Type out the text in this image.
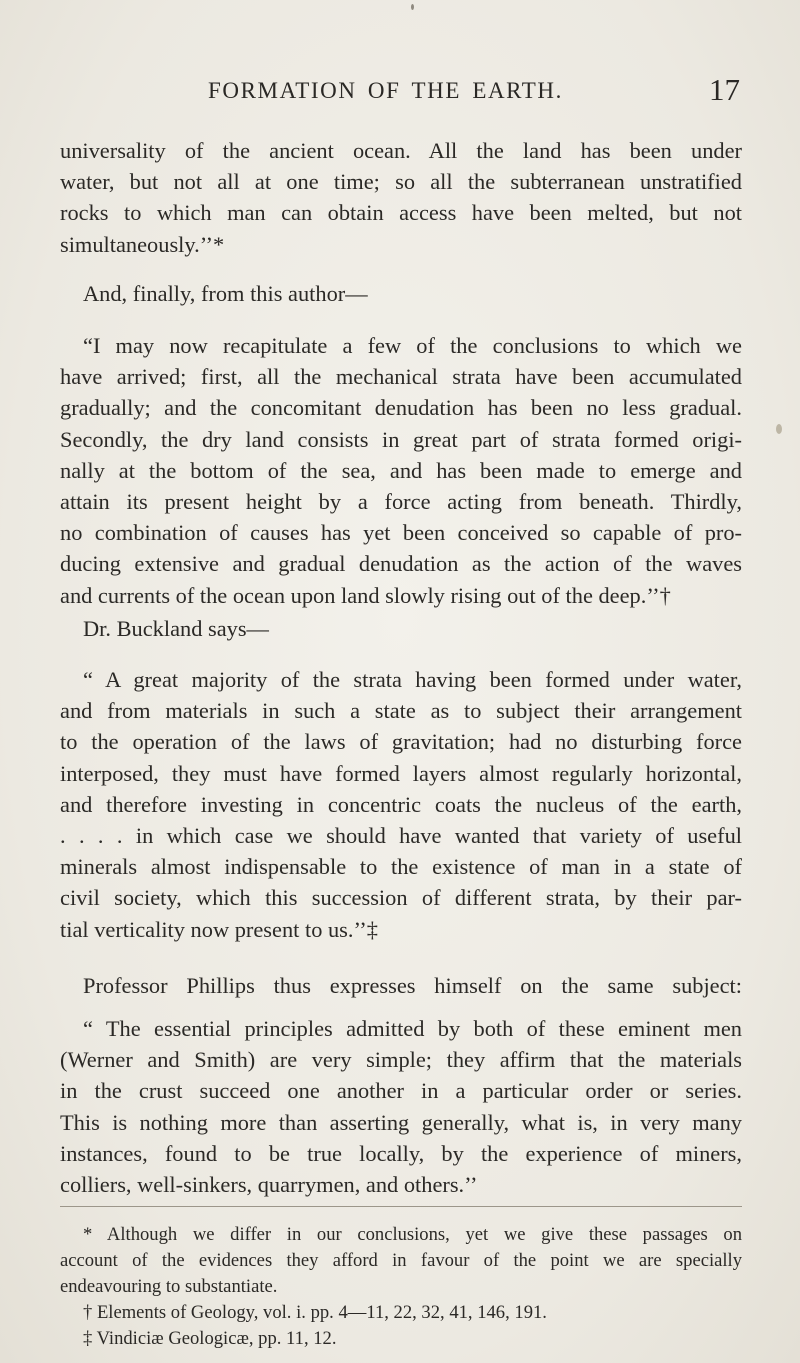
FORMATION OF THE EARTH.	17

universality of the ancient ocean. All the land has been under
water, but not all at one time; so all the subterranean unstratified
rocks to which man can obtain access have been melted, but not
simultaneously.’’*

And, finally, from this author—

“I may now recapitulate a few of the conclusions to which we
have arrived; first, all the mechanical strata have been accumulated
gradually; and the concomitant denudation has been no less gradual.
Secondly, the dry land consists in great part of strata formed origi-
nally at the bottom of the sea, and has been made to emerge and
attain its present height by a force acting from beneath. Thirdly,
no combination of causes has yet been conceived so capable of pro-
ducing extensive and gradual denudation as the action of the waves
and currents of the ocean upon land slowly rising out of the deep.’’†

Dr. Buckland says—

“ A great majority of the strata having been formed under water,
and from materials in such a state as to subject their arrangement
to the operation of the laws of gravitation; had no disturbing force
interposed, they must have formed layers almost regularly horizontal,
and therefore investing in concentric coats the nucleus of the earth,
. . . . in which case we should have wanted that variety of useful
minerals almost indispensable to the existence of man in a state of
civil society, which this succession of different strata, by their par-
tial verticality now present to us.’’‡

Professor Phillips thus expresses himself on the same subject:

“ The essential principles admitted by both of these eminent men
(Werner and Smith) are very simple; they affirm that the materials
in the crust succeed one another in a particular order or series.
This is nothing more than asserting generally, what is, in very many
instances, found to be true locally, by the experience of miners,
colliers, well-sinkers, quarrymen, and others.’’

* Although we differ in our conclusions, yet we give these passages on
account of the evidences they afford in favour of the point we are specially
endeavouring to substantiate.
† Elements of Geology, vol. i. pp. 4—11, 22, 32, 41, 146, 191.
‡ Vindiciæ Geologicæ, pp. 11, 12.
